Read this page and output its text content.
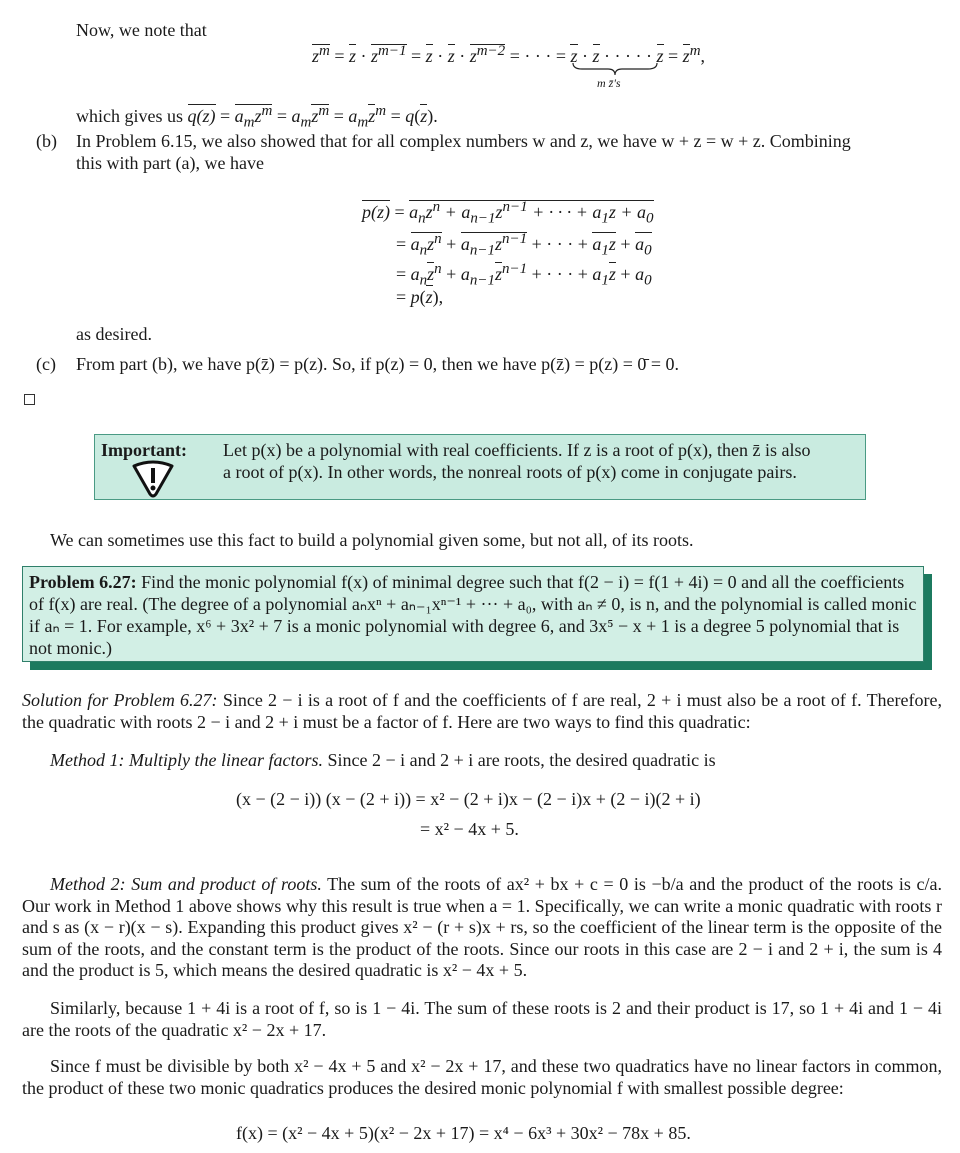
Now, we note that
$z^m = z \cdot z^{m-1} = z \cdot z \cdot z^{m-2}$ = · · · = z · z · · · · · $z = z^m$,
m z̄'s
which gives us $q(z) = a_mz^m = a_mz^m = a_mz^m = q(z)$.
(b) In Problem 6.15, we also showed that for all complex numbers w and z, we have w + z = w + z. Combining
this with part (a), we have
$p(z) = a_nz^n + a_{n-1}z^{n-1}$ + · · · + $a_1z + a_0$
= $a_nz^n + a_{n-1}z^{n-1}$ + · · · + $a_1z + a_0$
= $a_nz^n + a_{n-1}z^{n-1}$ + · · · + $a_1z + a_0$
= p(z),
as desired.
(c) From part (b), we have p(z̄) = p(z). So, if p(z) = 0, then we have p(z̄) = p(z) = 0̄ = 0.
Important: Let p(x) be a polynomial with real coefficients. If z is a root of p(x), then z̄ is also
a root of p(x). In other words, the nonreal roots of p(x) come in conjugate pairs.
We can sometimes use this fact to build a polynomial given some, but not all, of its roots.
Problem 6.27: Find the monic polynomial f(x) of minimal degree such that f(2 − i) = f(1 + 4i) = 0 and all the coefficients of f(x) are real. (The degree of a polynomial aₙxⁿ + aₙ₋₁xⁿ⁻¹ + ··· + a₀, with aₙ ≠ 0, is n, and the polynomial is called monic if aₙ = 1. For example, x⁶ + 3x² + 7 is a monic polynomial with degree 6, and 3x⁵ − x + 1 is a degree 5 polynomial that is not monic.)
Solution for Problem 6.27: Since 2 − i is a root of f and the coefficients of f are real, 2 + i must also be a root of f. Therefore, the quadratic with roots 2 − i and 2 + i must be a factor of f. Here are two ways to find this quadratic:
Method 1: Multiply the linear factors. Since 2 − i and 2 + i are roots, the desired quadratic is
(x − (2 − i)) (x − (2 + i)) = x² − (2 + i)x − (2 − i)x + (2 − i)(2 + i)
= x² − 4x + 5.
Method 2: Sum and product of roots. The sum of the roots of ax² + bx + c = 0 is −b/a and the product of the roots is c/a. Our work in Method 1 above shows why this result is true when a = 1. Specifically, we can write a monic quadratic with roots r and s as (x − r)(x − s). Expanding this product gives x² − (r + s)x + rs, so the coefficient of the linear term is the opposite of the sum of the roots, and the constant term is the product of the roots. Since our roots in this case are 2 − i and 2 + i, the sum is 4 and the product is 5, which means the desired quadratic is x² − 4x + 5.
Similarly, because 1 + 4i is a root of f, so is 1 − 4i. The sum of these roots is 2 and their product is 17, so 1 + 4i and 1 − 4i are the roots of the quadratic x² − 2x + 17.
Since f must be divisible by both x² − 4x + 5 and x² − 2x + 17, and these two quadratics have no linear factors in common, the product of these two monic quadratics produces the desired monic polynomial f with smallest possible degree:
f(x) = (x² − 4x + 5)(x² − 2x + 17) = x⁴ − 6x³ + 30x² − 78x + 85.
